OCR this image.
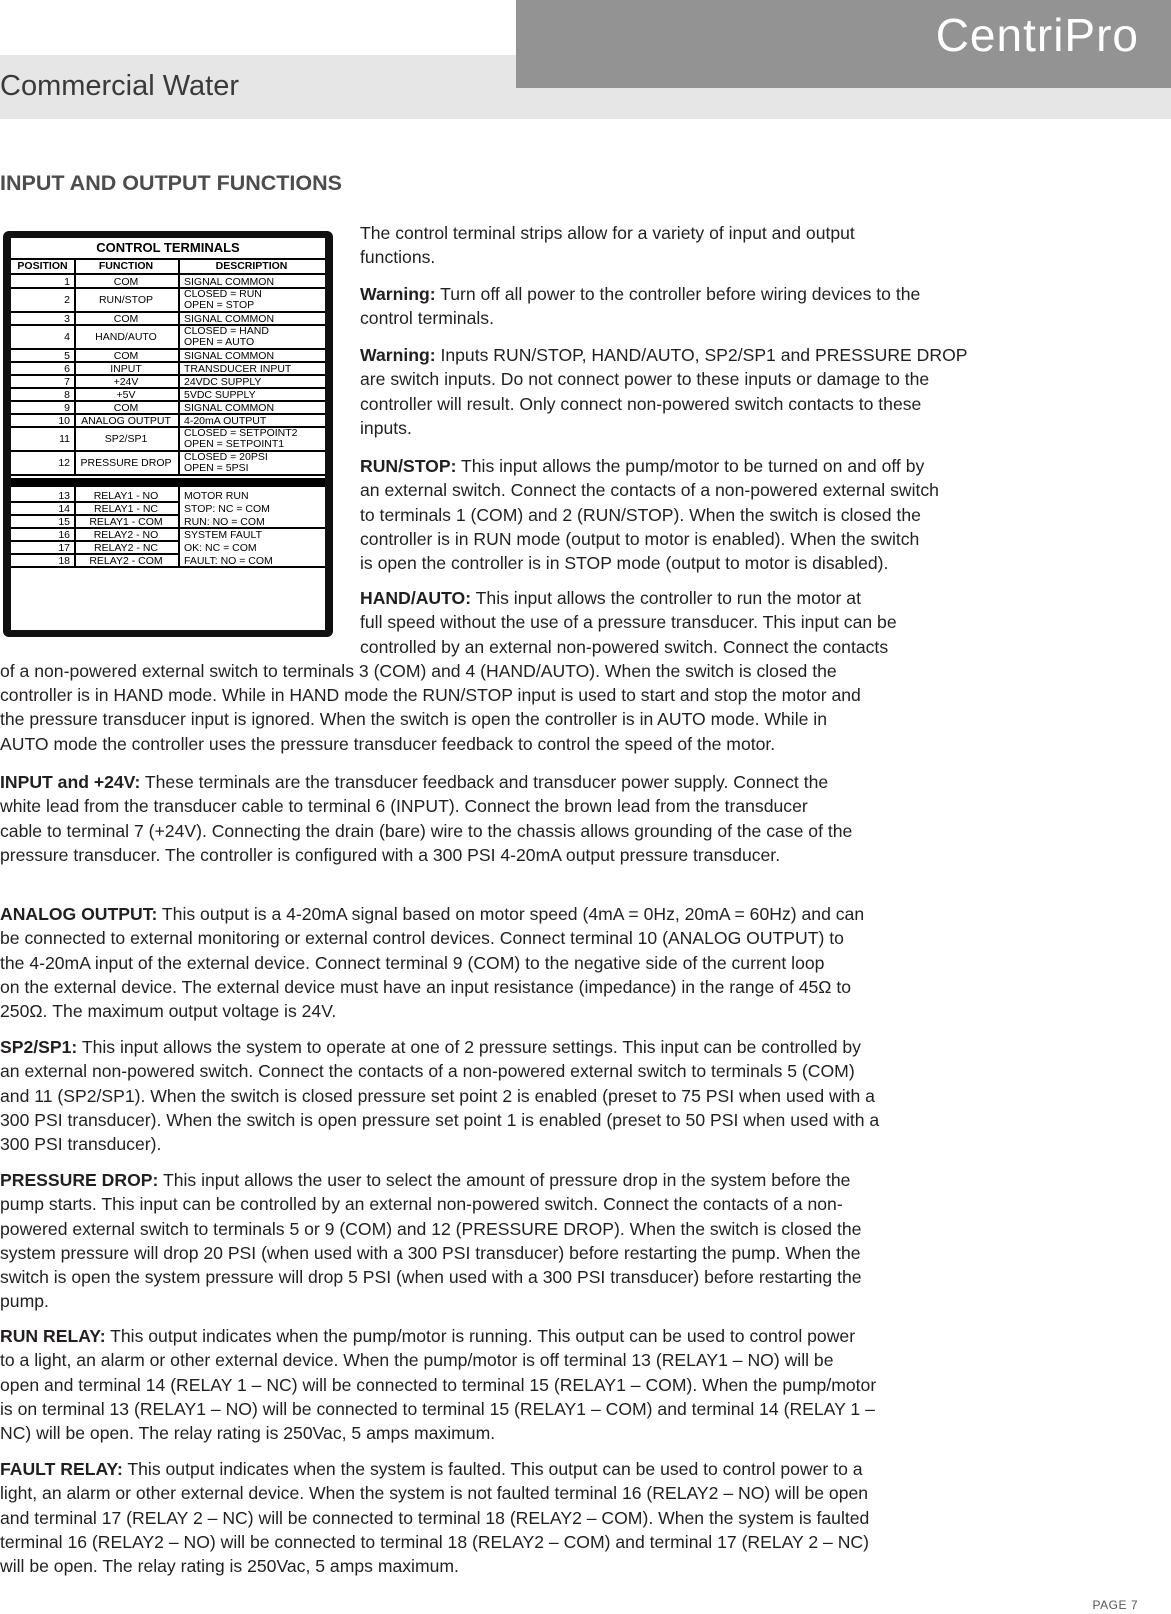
CentriPro
Commercial Water
INPUT AND OUTPUT FUNCTIONS
CONTROL TERMINALS
POSITION	FUNCTION	DESCRIPTION
1	COM	SIGNAL COMMON
2	RUN/STOP	CLOSED = RUN
OPEN = STOP
3	COM	SIGNAL COMMON
4	HAND/AUTO	CLOSED = HAND
OPEN = AUTO
5	COM	SIGNAL COMMON
6	INPUT	TRANSDUCER INPUT
7	+24V	24VDC SUPPLY
8	+5V	5VDC SUPPLY
9	COM	SIGNAL COMMON
10	ANALOG OUTPUT	4-20mA OUTPUT
11	SP2/SP1	CLOSED = SETPOINT2
OPEN = SETPOINT1
12 PRESSURE DROP	CLOSED = 20PSI
OPEN = 5PSI
13	RELAY1 - NO	MOTOR RUN
14	RELAY1 - NC	STOP: NC = COM
15	RELAY1 - COM	RUN: NO = COM
16	RELAY2 - NO	SYSTEM FAULT
17	RELAY2 - NC	OK: NC = COM
18	RELAY2 - COM	FAULT: NO = COM

The control terminal strips allow for a variety of input and output
functions.

Warning: Turn off all power to the controller before wiring devices to the
control terminals.

Warning: Inputs RUN/STOP, HAND/AUTO, SP2/SP1 and PRESSURE DROP
are switch inputs. Do not connect power to these inputs or damage to the
controller will result. Only connect non-powered switch contacts to these
inputs.

RUN/STOP: This input allows the pump/motor to be turned on and off by
an external switch. Connect the contacts of a non-powered external switch
to terminals 1 (COM) and 2 (RUN/STOP). When the switch is closed the
controller is in RUN mode (output to motor is enabled). When the switch
is open the controller is in STOP mode (output to motor is disabled).

HAND/AUTO: This input allows the controller to run the motor at
full speed without the use of a pressure transducer. This input can be
controlled by an external non-powered switch. Connect the contacts
of a non-powered external switch to terminals 3 (COM) and 4 (HAND/AUTO). When the switch is closed the
controller is in HAND mode. While in HAND mode the RUN/STOP input is used to start and stop the motor and
the pressure transducer input is ignored. When the switch is open the controller is in AUTO mode. While in
AUTO mode the controller uses the pressure transducer feedback to control the speed of the motor.

INPUT and +24V: These terminals are the transducer feedback and transducer power supply. Connect the
white lead from the transducer cable to terminal 6 (INPUT). Connect the brown lead from the transducer
cable to terminal 7 (+24V). Connecting the drain (bare) wire to the chassis allows grounding of the case of the
pressure transducer. The controller is configured with a 300 PSI 4-20mA output pressure transducer.

ANALOG OUTPUT: This output is a 4-20mA signal based on motor speed (4mA = 0Hz, 20mA = 60Hz) and can
be connected to external monitoring or external control devices. Connect terminal 10 (ANALOG OUTPUT) to
the 4-20mA input of the external device. Connect terminal 9 (COM) to the negative side of the current loop
on the external device. The external device must have an input resistance (impedance) in the range of 45Ω to
250Ω. The maximum output voltage is 24V.

SP2/SP1: This input allows the system to operate at one of 2 pressure settings. This input can be controlled by
an external non-powered switch. Connect the contacts of a non-powered external switch to terminals 5 (COM)
and 11 (SP2/SP1). When the switch is closed pressure set point 2 is enabled (preset to 75 PSI when used with a
300 PSI transducer). When the switch is open pressure set point 1 is enabled (preset to 50 PSI when used with a
300 PSI transducer).

PRESSURE DROP: This input allows the user to select the amount of pressure drop in the system before the
pump starts. This input can be controlled by an external non-powered switch. Connect the contacts of a non-
powered external switch to terminals 5 or 9 (COM) and 12 (PRESSURE DROP). When the switch is closed the
system pressure will drop 20 PSI (when used with a 300 PSI transducer) before restarting the pump. When the
switch is open the system pressure will drop 5 PSI (when used with a 300 PSI transducer) before restarting the
pump.

RUN RELAY: This output indicates when the pump/motor is running. This output can be used to control power
to a light, an alarm or other external device. When the pump/motor is off terminal 13 (RELAY1 – NO) will be
open and terminal 14 (RELAY 1 – NC) will be connected to terminal 15 (RELAY1 – COM). When the pump/motor
is on terminal 13 (RELAY1 – NO) will be connected to terminal 15 (RELAY1 – COM) and terminal 14 (RELAY 1 –
NC) will be open. The relay rating is 250Vac, 5 amps maximum.

FAULT RELAY: This output indicates when the system is faulted. This output can be used to control power to a
light, an alarm or other external device. When the system is not faulted terminal 16 (RELAY2 – NO) will be open
and terminal 17 (RELAY 2 – NC) will be connected to terminal 18 (RELAY2 – COM). When the system is faulted
terminal 16 (RELAY2 – NO) will be connected to terminal 18 (RELAY2 – COM) and terminal 17 (RELAY 2 – NC)
will be open. The relay rating is 250Vac, 5 amps maximum.

PAGE 7
